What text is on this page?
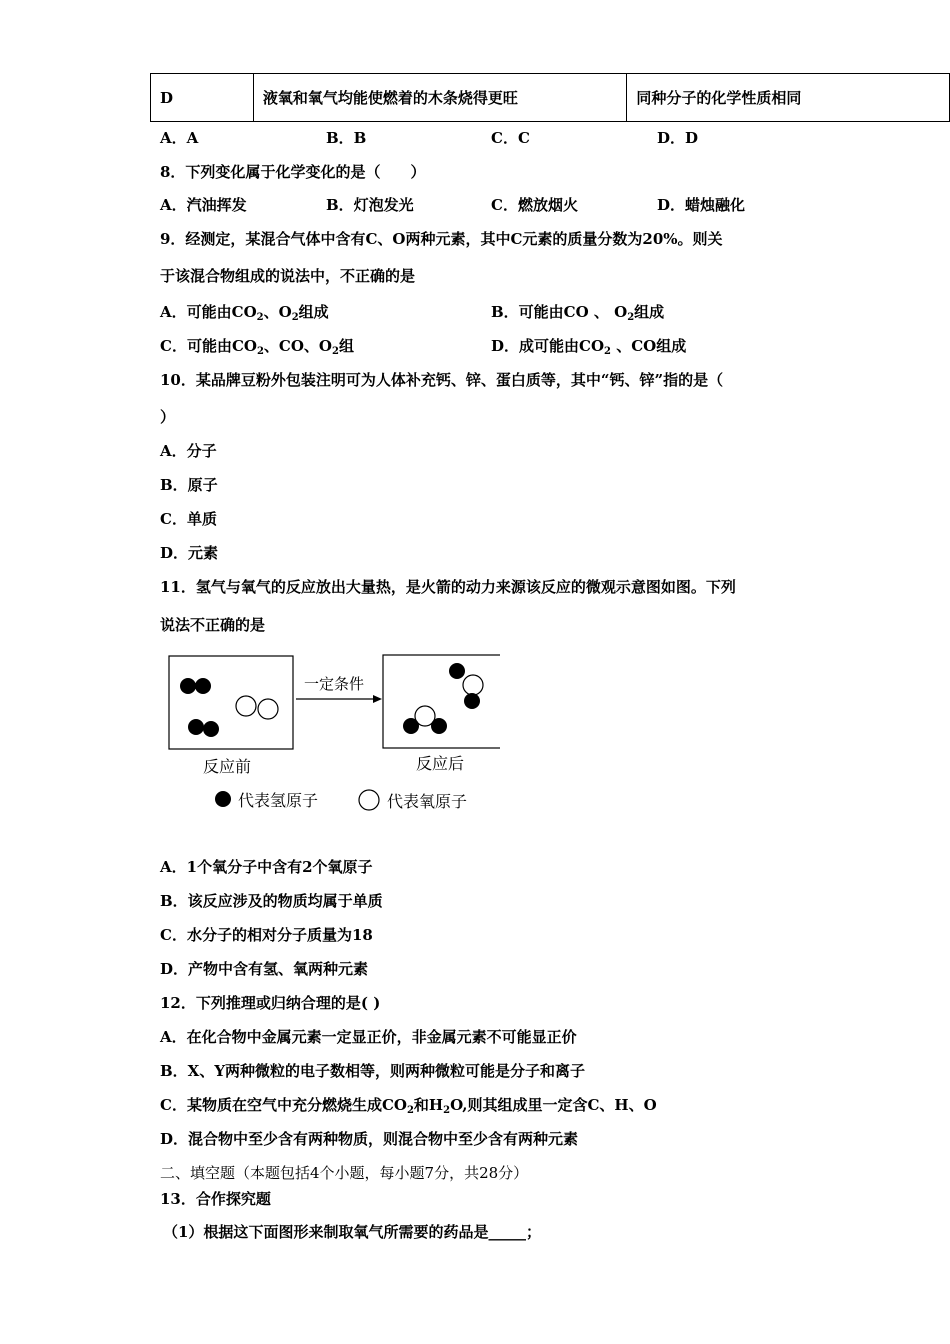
D	液氧和氧气均能使燃着的木条烧得更旺	同种分子的化学性质相同
A．A	B．B	C．C	D．D
8．下列变化属于化学变化的是（　　）
A．汽油挥发	B．灯泡发光	C．燃放烟火	D．蜡烛融化
9．经测定，某混合气体中含有C、O两种元素，其中C元素的质量分数为20%。则关
于该混合物组成的说法中，不正确的是
A．可能由$CO_2$、$O_2$组成	B．可能由CO 、 $O_2$组成
C．可能由$CO_2$、CO、$O_2$组	D．成可能由$CO_2$ 、CO组成
10．某品牌豆粉外包装注明可为人体补充钙、锌、蛋白质等，其中“钙、锌”指的是（
）
A．分子
B．原子
C．单质
D．元素
11．氢气与氧气的反应放出大量热，是火箭的动力来源该反应的微观示意图如图。下列
说法不正确的是
一定条件
反应前	反应后
代表氢原子	代表氧原子
A．1个氧分子中含有2个氧原子
B．该反应涉及的物质均属于单质
C．水分子的相对分子质量为18
D．产物中含有氢、氧两种元素
12．下列推理或归纳合理的是( )
A．在化合物中金属元素一定显正价，非金属元素不可能显正价
B．X、Y两种微粒的电子数相等，则两种微粒可能是分子和离子
C．某物质在空气中充分燃烧生成$CO_2$和$H_2O$,则其组成里一定含C、H、O
D．混合物中至少含有两种物质，则混合物中至少含有两种元素
二、填空题（本题包括4个小题，每小题7分，共28分）
13．合作探究题
（1）根据这下面图形来制取氧气所需要的药品是_____；
